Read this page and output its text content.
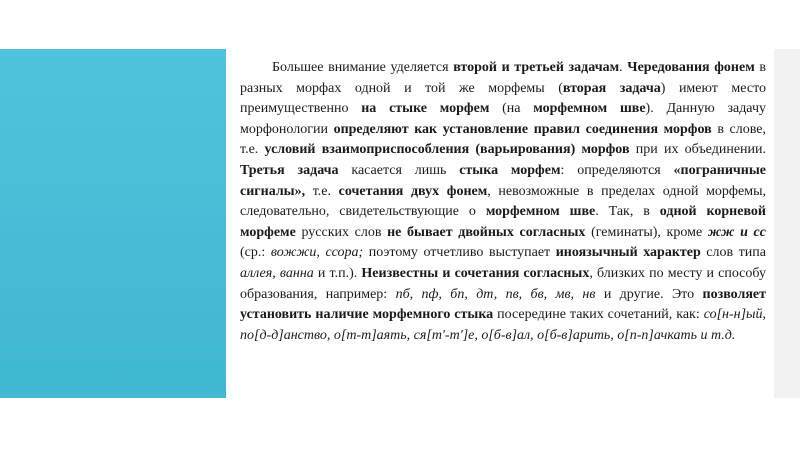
Большее внимание уделяется второй и третьей задачам. Чередования фонем в разных морфах одной и той же морфемы (вторая задача) имеют место преимущественно на стыке морфем (на морфемном шве). Данную задачу морфонологии определяют как установление правил соединения морфов в слове, т.е. условий взаимоприспособления (варьирования) морфов при их объединении. Третья задача касается лишь стыка морфем: определяются «пограничные сигналы», т.е. сочетания двух фонем, невозможные в пределах одной морфемы, следовательно, свидетельствующие о морфемном шве. Так, в одной корневой морфеме русских слов не бывает двойных согласных (геминаты), кроме жж и сс (ср.: вожжи, ссора; поэтому отчетливо выступает иноязычный характер слов типа аллея, ванна и т.п.). Неизвестны и сочетания согласных, близких по месту и способу образования, например: пб, пф, бп, дт, пв, бв, мв, нв и другие. Это позволяет установить наличие морфемного стыка посередине таких сочетаний, как: со[н-н]ый, по[д-д]анство, о[т-т]аять, ся[т'-т']е, о[б-в]ал, о[б-в]арить, о[п-п]ачкать и т.д.
